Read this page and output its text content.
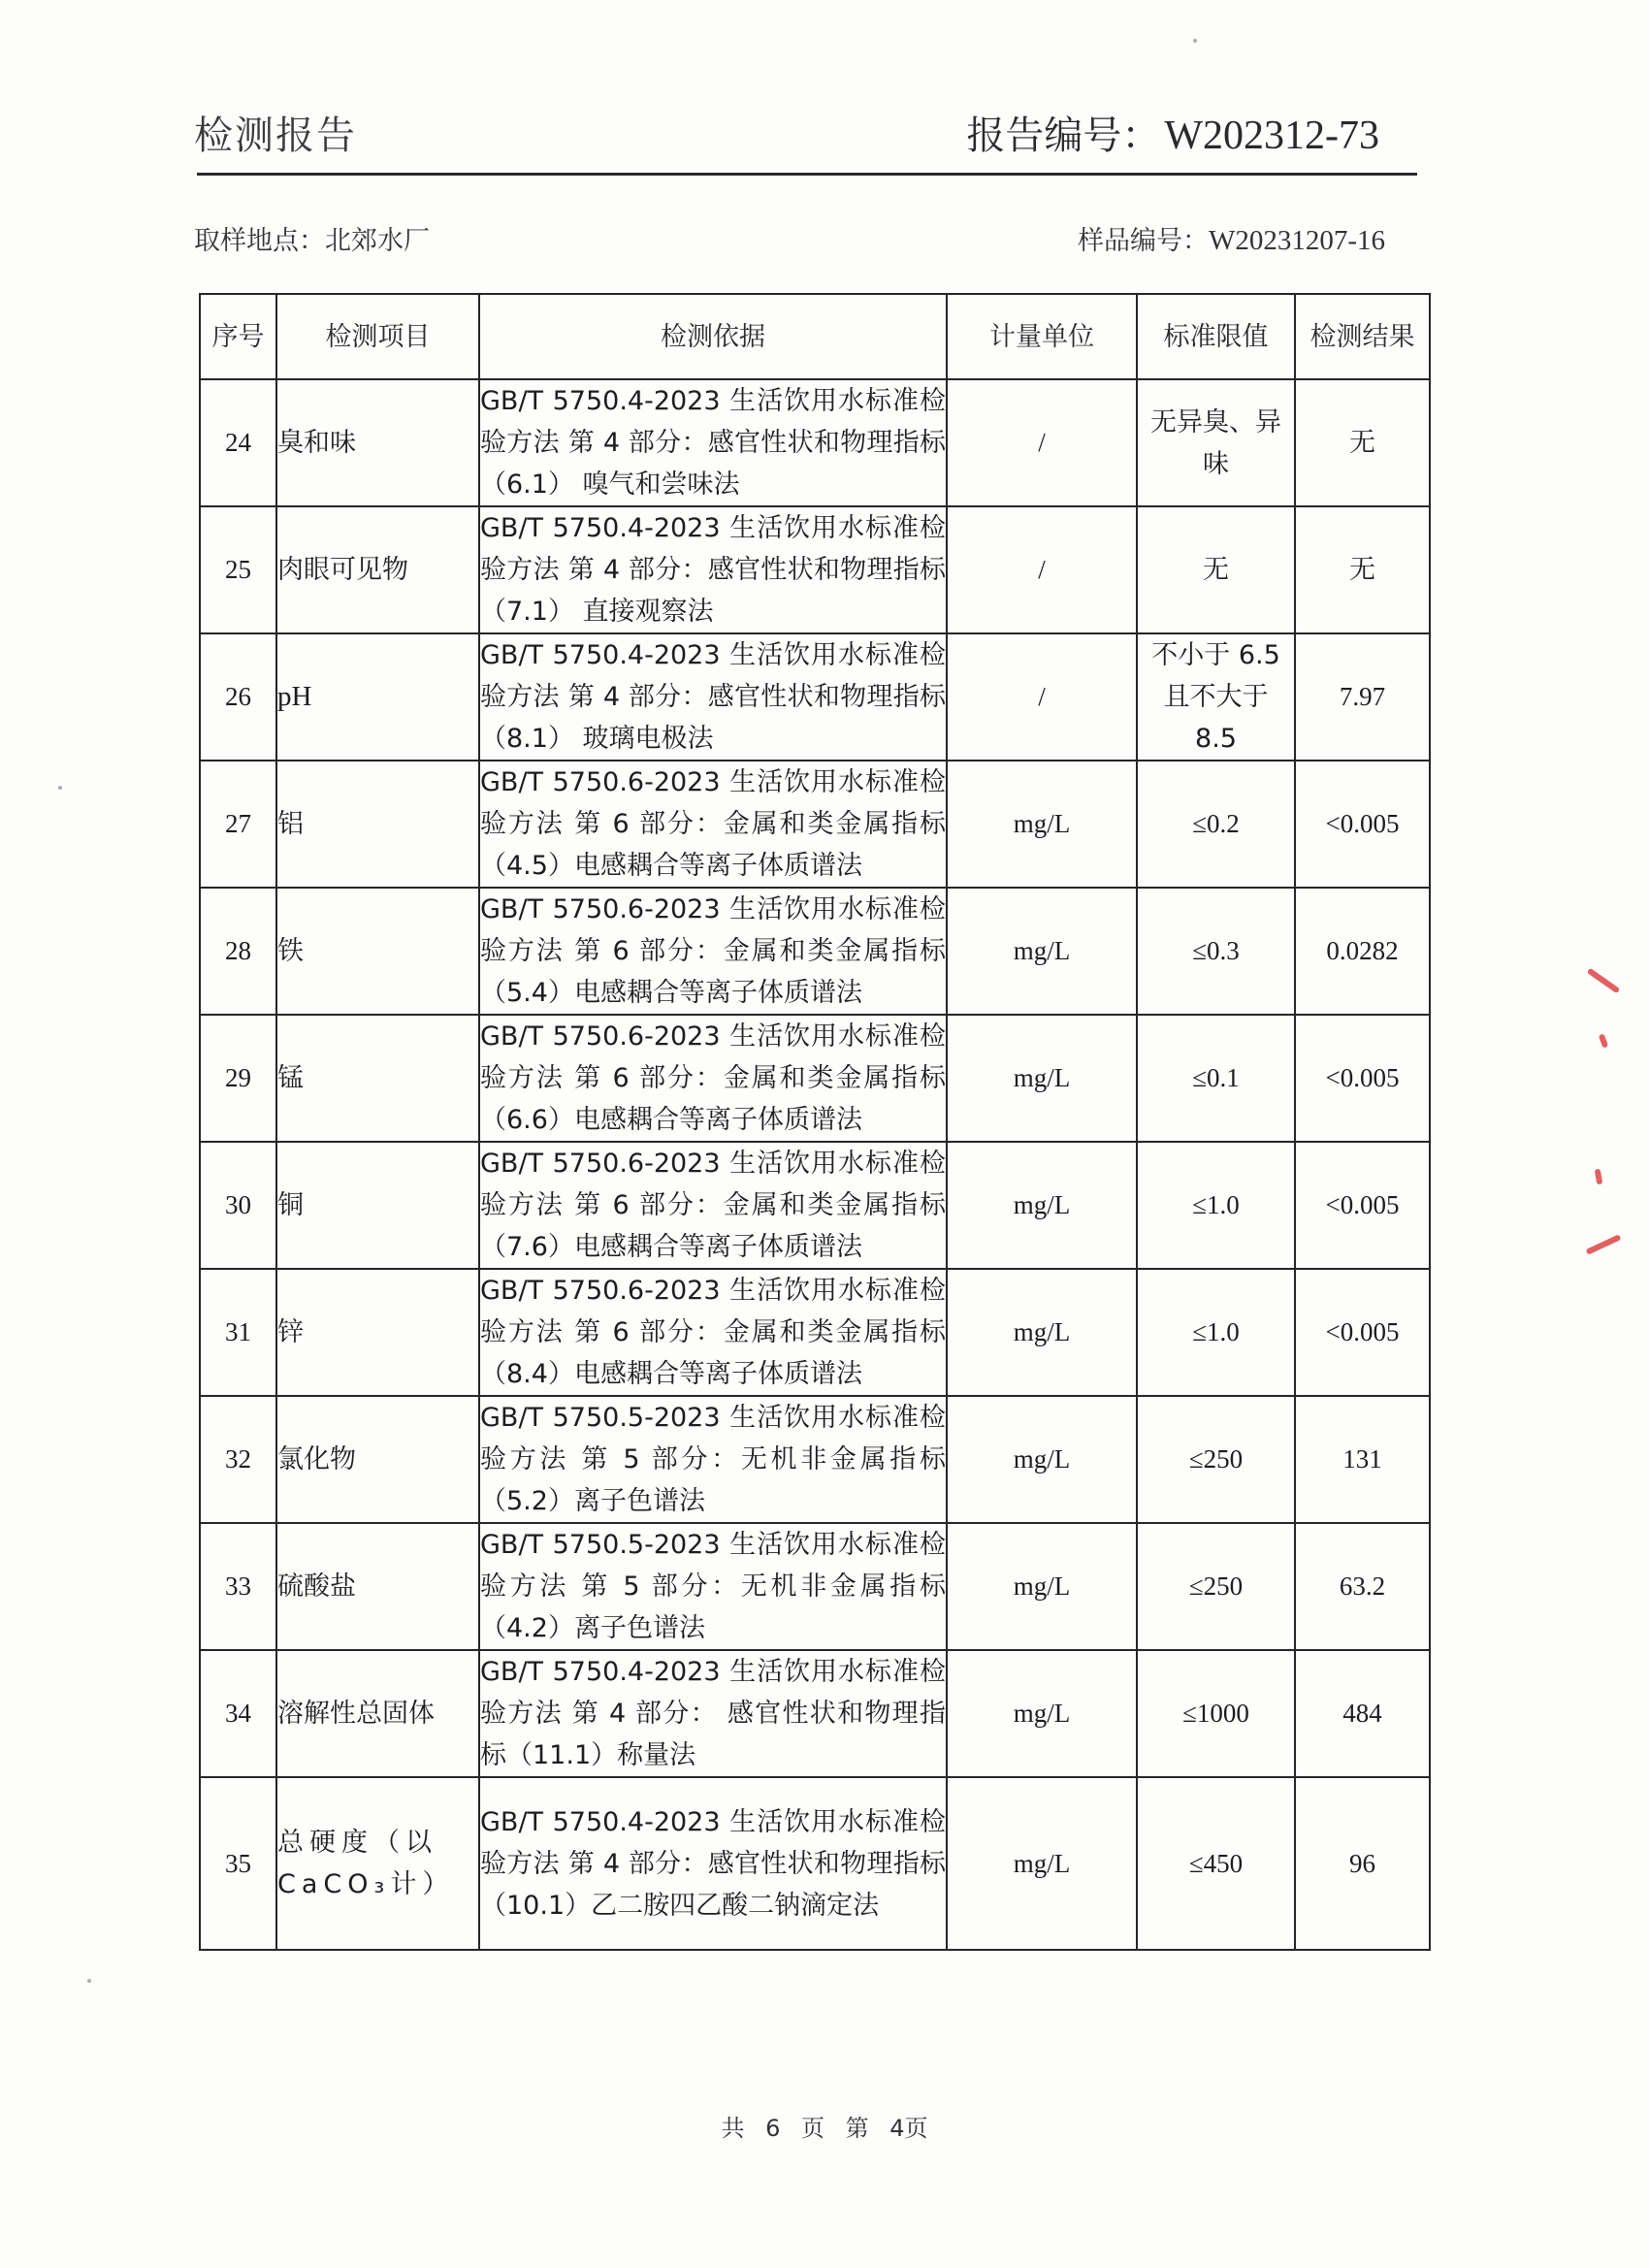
检测报告	报告编号：W202312-73
取样地点：北郊水厂	样品编号：W20231207-16
序号	检测项目	检测依据	计量单位	标准限值	检测结果
24	臭和味	GB/T 5750.4-2023 生活饮用水标准检验方法 第 4 部分：感官性状和物理指标（6.1） 嗅气和尝味法	/	无异臭、异味	无
25	肉眼可见物	GB/T 5750.4-2023 生活饮用水标准检验方法 第 4 部分：感官性状和物理指标（7.1） 直接观察法	/	无	无
26	pH	GB/T 5750.4-2023 生活饮用水标准检验方法 第 4 部分：感官性状和物理指标（8.1） 玻璃电极法	/	不小于 6.5 且不大于 8.5	7.97
27	铝	GB/T 5750.6-2023 生活饮用水标准检验方法 第 6 部分：金属和类金属指标（4.5）电感耦合等离子体质谱法	mg/L	≤0.2	<0.005
28	铁	GB/T 5750.6-2023 生活饮用水标准检验方法 第 6 部分：金属和类金属指标（5.4）电感耦合等离子体质谱法	mg/L	≤0.3	0.0282
29	锰	GB/T 5750.6-2023 生活饮用水标准检验方法 第 6 部分：金属和类金属指标（6.6）电感耦合等离子体质谱法	mg/L	≤0.1	<0.005
30	铜	GB/T 5750.6-2023 生活饮用水标准检验方法 第 6 部分：金属和类金属指标（7.6）电感耦合等离子体质谱法	mg/L	≤1.0	<0.005
31	锌	GB/T 5750.6-2023 生活饮用水标准检验方法 第 6 部分：金属和类金属指标（8.4）电感耦合等离子体质谱法	mg/L	≤1.0	<0.005
32	氯化物	GB/T 5750.5-2023 生活饮用水标准检验方法 第 5 部分：无机非金属指标（5.2）离子色谱法	mg/L	≤250	131
33	硫酸盐	GB/T 5750.5-2023 生活饮用水标准检验方法 第 5 部分：无机非金属指标（4.2）离子色谱法	mg/L	≤250	63.2
34	溶解性总固体	GB/T 5750.4-2023 生活饮用水标准检验方法 第 4 部分： 感官性状和物理指标（11.1）称量法	mg/L	≤1000	484
35	总硬度（以CaCO₃计）	GB/T 5750.4-2023 生活饮用水标准检验方法 第 4 部分：感官性状和物理指标 （10.1）乙二胺四乙酸二钠滴定法	mg/L	≤450	96
共 6 页 第 4页
